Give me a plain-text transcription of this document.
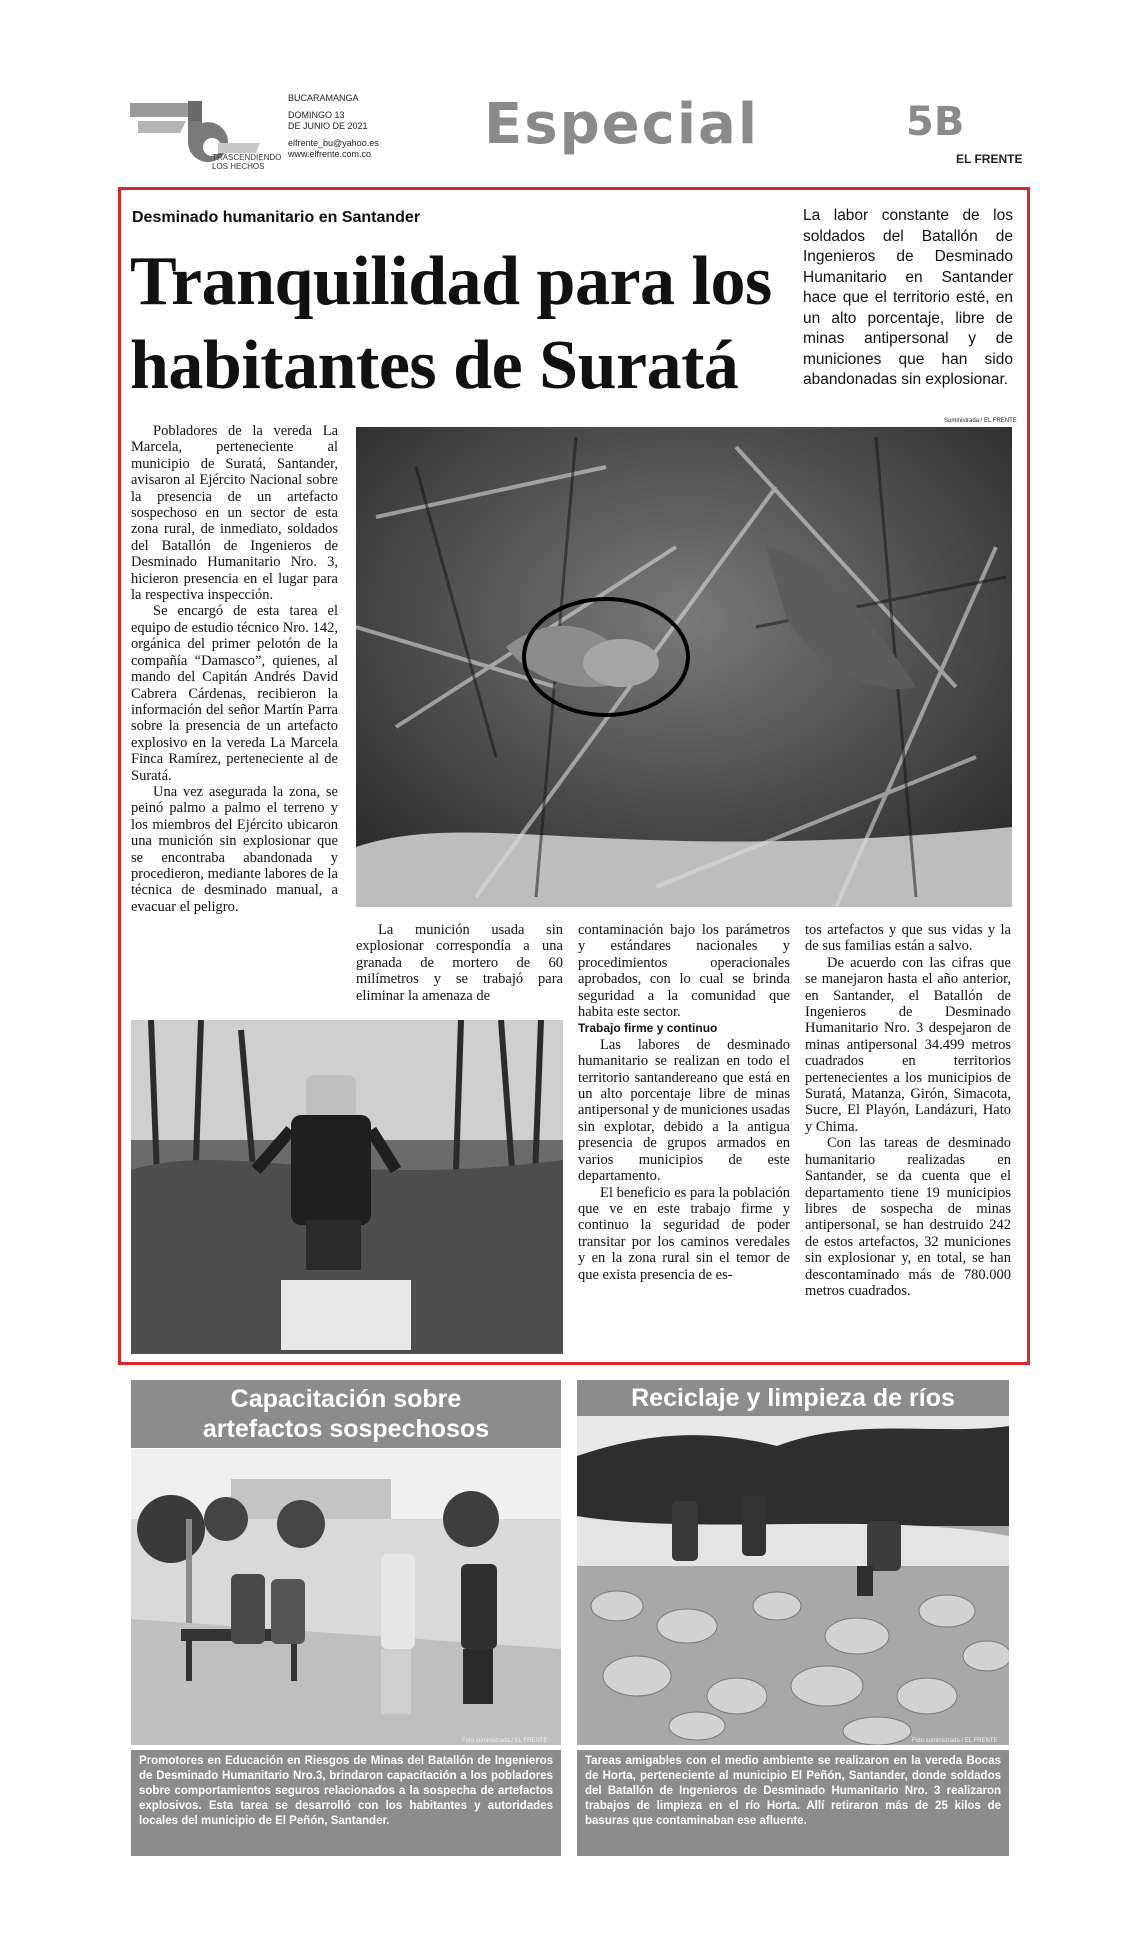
TRASCENDIENDO
LOS HECHOS
BUCARAMANGA
DOMINGO 13
DE JUNIO DE 2021
elfrente_bu@yahoo.es
www.elfrente.com.co Especial	5B
EL FRENTE
Desminado humanitario en Santander
Tranquilidad para los habitantes de Suratá
La labor constante de los soldados del Batallón de Ingenieros de Desminado Humanitario en Santander hace que el territorio esté, en un alto porcentaje, libre de minas antipersonal y de municiones que han sido abandonadas sin explosionar.
Suministrada / EL FRENTE

Pobladores de la vereda La Marcela, perteneciente al municipio de Suratá, Santander, avisaron al Ejército Nacional sobre la presencia de un artefacto sospechoso en un sector de esta zona rural, de inmediato, soldados del Batallón de Ingenieros de Desminado Humanitario Nro. 3, hicieron presencia en el lugar para la respectiva inspección.

Se encargó de esta tarea el equipo de estudio técnico Nro. 142, orgánica del primer pelotón de la compañía “Damasco”, quienes, al mando del Capitán Andrés David Cabrera Cárdenas, recibieron la información del señor Martín Parra sobre la presencia de un artefacto explosivo en la vereda La Marcela Finca Ramírez, perteneciente al de Suratá.

Una vez asegurada la zona, se peinó palmo a palmo el terreno y los miembros del Ejército ubicaron una munición sin explosionar que se encontraba abandonada y procedieron, mediante labores de la técnica de desminado manual, a evacuar el peligro.

La munición usada sin explosionar correspondía a una granada de mortero de 60 milímetros y se trabajó para eliminar la amenaza de

contaminación bajo los parámetros y estándares nacionales y procedimientos operacionales aprobados, con lo cual se brinda seguridad a la comunidad que habita este sector.

Trabajo firme y continuo

Las labores de desminado humanitario se realizan en todo el territorio santandereano que está en un alto porcentaje libre de minas antipersonal y de municiones usadas sin explotar, debido a la antigua presencia de grupos armados en varios municipios de este departamento.

El beneficio es para la población que ve en este trabajo firme y continuo la seguridad de poder transitar por los caminos veredales y en la zona rural sin el temor de que exista presencia de es-

tos artefactos y que sus vidas y la de sus familias están a salvo.

De acuerdo con las cifras que se manejaron hasta el año anterior, en Santander, el Batallón de Ingenieros de Desminado Humanitario Nro. 3 despejaron de minas antipersonal 34.499 metros cuadrados en territorios pertenecientes a los municipios de Suratá, Matanza, Girón, Simacota, Sucre, El Playón, Landázuri, Hato y Chima.

Con las tareas de desminado humanitario realizadas en Santander, se da cuenta que el departamento tiene 19 municipios libres de sospecha de minas antipersonal, se han destruido 242 de estos artefactos, 32 municiones sin explosionar y, en total, se han descontaminado más de 780.000 metros cuadrados.

Capacitación sobre
artefactos sospechosos
Foto suministrada / EL FRENTE
Promotores en Educación en Riesgos de Minas del Batallón de Ingenieros de Desminado Humanitario Nro.3, brindaron capacitación a los pobladores sobre comportamientos seguros relacionados a la sospecha de artefactos explosivos. Esta tarea se desarrolló con los habitantes y autoridades locales del municipio de El Peñón, Santander.
Reciclaje y limpieza de ríos
Foto suministrada / EL FRENTE
Tareas amigables con el medio ambiente se realizaron en la vereda Bocas de Horta, perteneciente al municipio El Peñón, Santander, donde soldados del Batallón de Ingenieros de Desminado Humanitario Nro. 3 realizaron trabajos de limpieza en el río Horta. Allí retiraron más de 25 kilos de basuras que contaminaban ese afluente.
